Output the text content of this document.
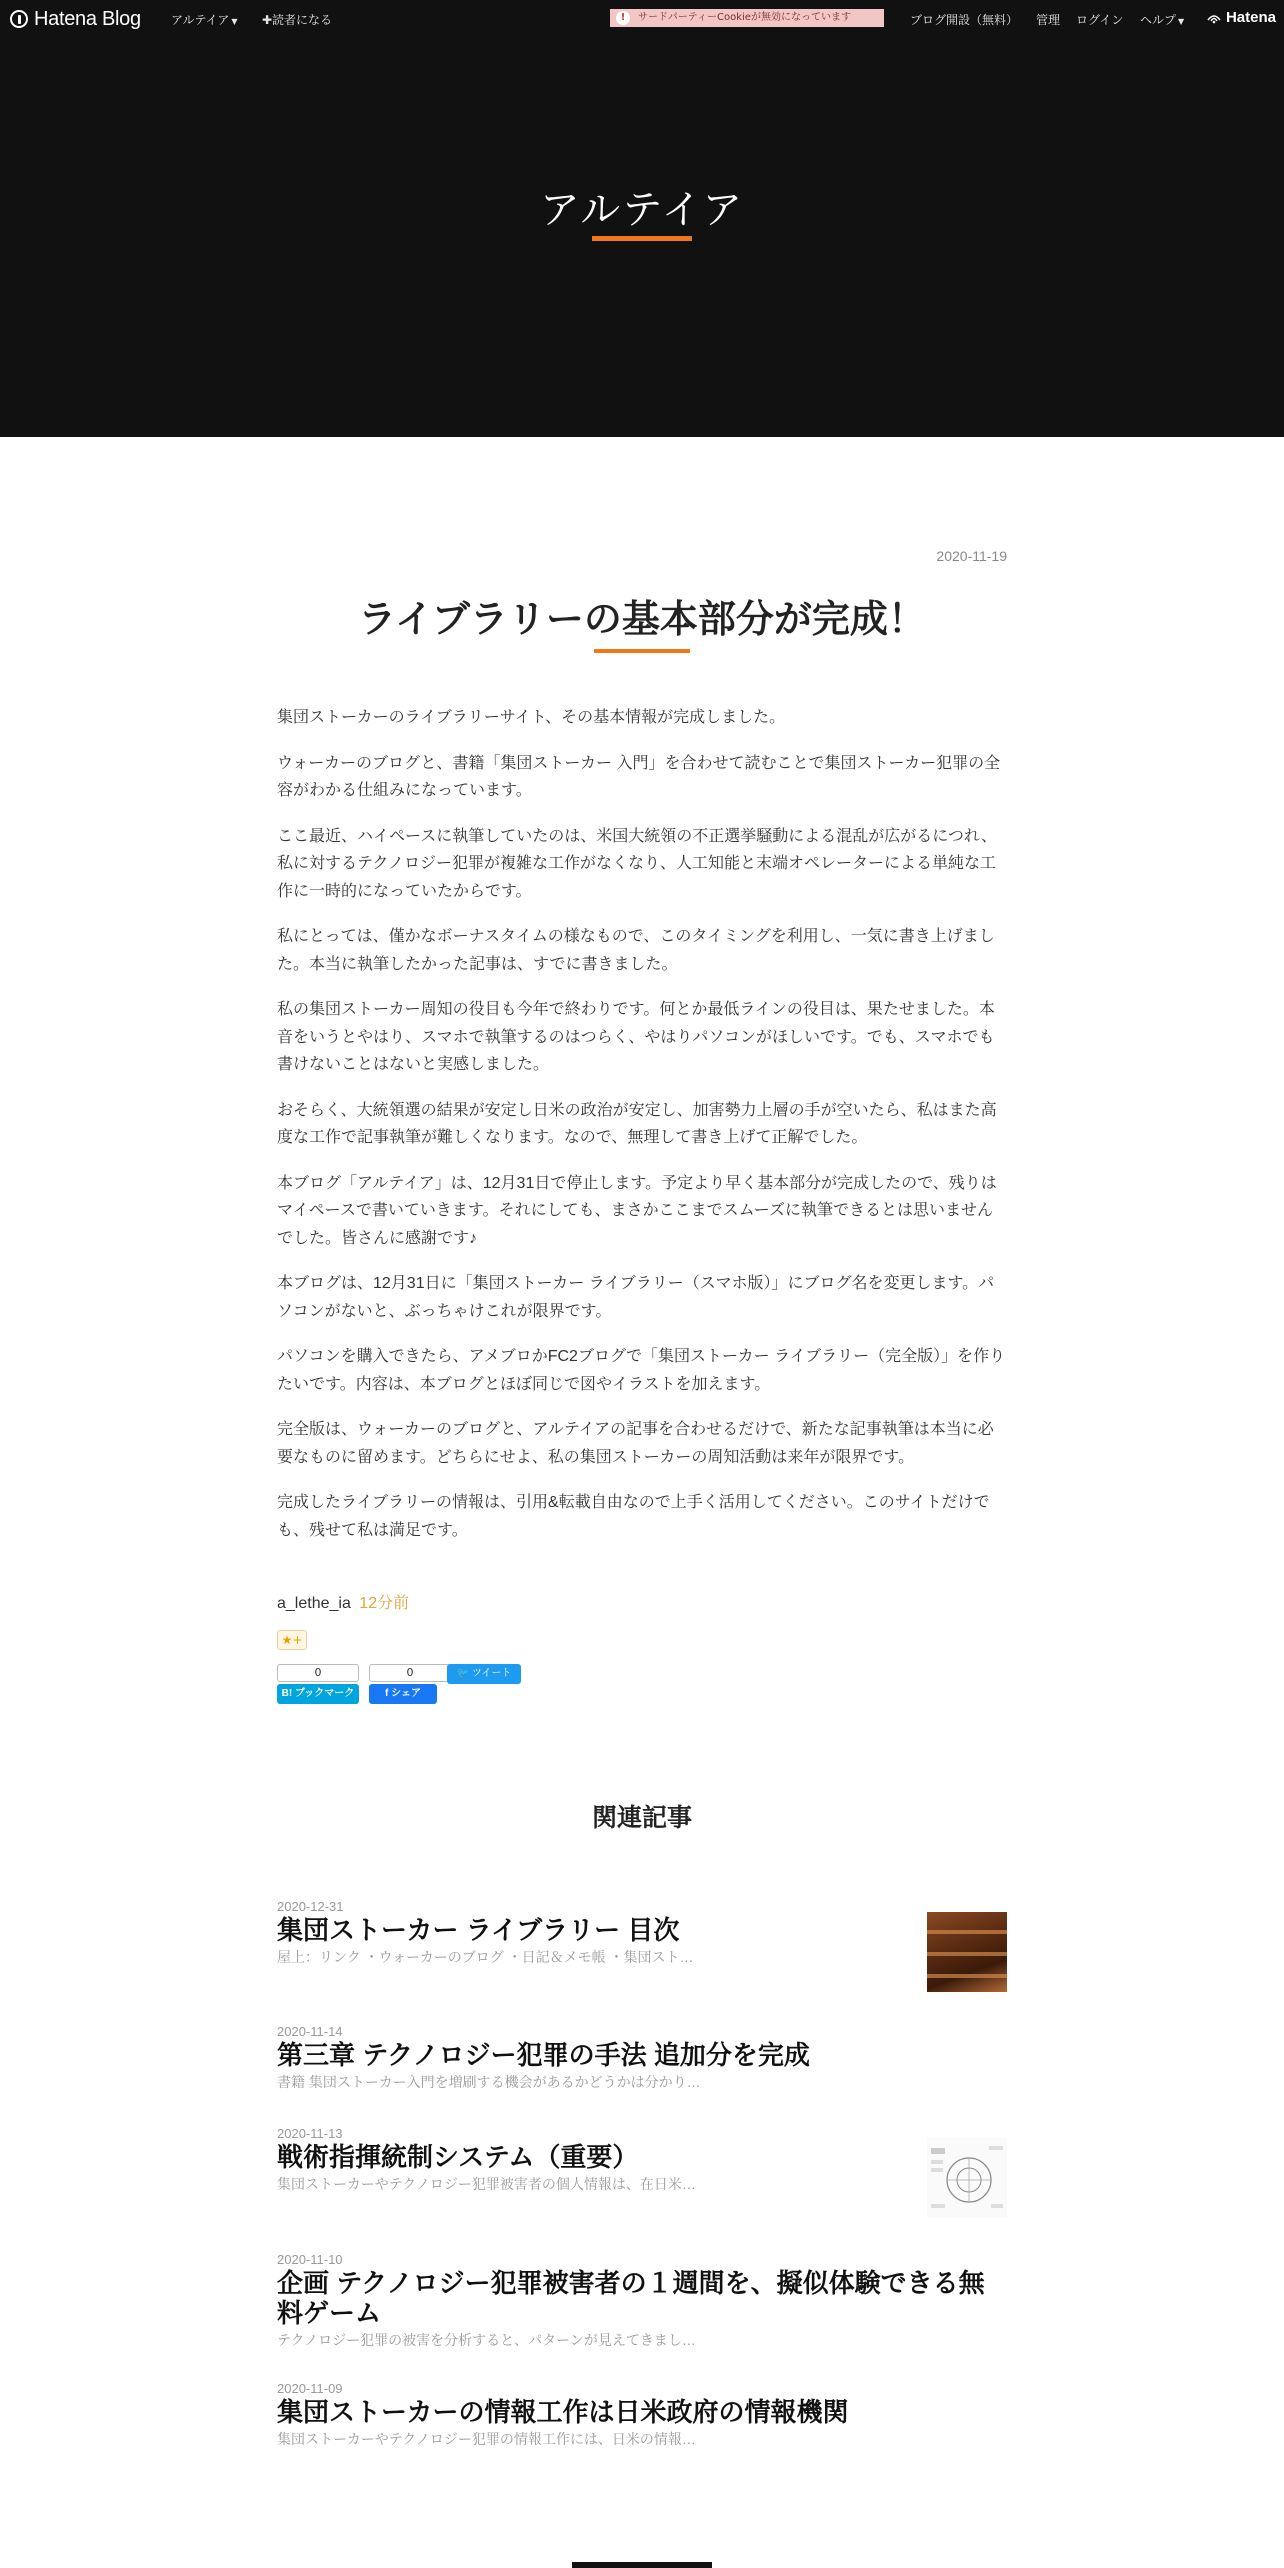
Hatena Blog	アルテイア ▼ ✚読者になる	!	サードパーティーCookieが無効になっています	ブログ開設（無料） 管理 ログイン ヘルプ ▼	Hatena
アルテイア
2020-11-19
ライブラリーの基本部分が完成！

集団ストーカーのライブラリーサイト、その基本情報が完成しました。

ウォーカーのブログと、書籍「集団ストーカー 入門」を合わせて読むことで集団ストーカー犯罪の全容がわかる仕組みになっています。

ここ最近、ハイペースに執筆していたのは、米国大統領の不正選挙騒動による混乱が広がるにつれ、私に対するテクノロジー犯罪が複雑な工作がなくなり、人工知能と末端オペレーターによる単純な工作に一時的になっていたからです。

私にとっては、僅かなボーナスタイムの様なもので、このタイミングを利用し、一気に書き上げました。本当に執筆したかった記事は、すでに書きました。

私の集団ストーカー周知の役目も今年で終わりです。何とか最低ラインの役目は、果たせました。本音をいうとやはり、スマホで執筆するのはつらく、やはりパソコンがほしいです。でも、スマホでも書けないことはないと実感しました。

おそらく、大統領選の結果が安定し日米の政治が安定し、加害勢力上層の手が空いたら、私はまた高度な工作で記事執筆が難しくなります。なので、無理して書き上げて正解でした。

本ブログ「アルテイア」は、12月31日で停止します。予定より早く基本部分が完成したので、残りはマイペースで書いていきます。それにしても、まさかここまでスムーズに執筆できるとは思いませんでした。皆さんに感謝です♪

本ブログは、12月31日に「集団ストーカー ライブラリー（スマホ版）」にブログ名を変更します。パソコンがないと、ぶっちゃけこれが限界です。

パソコンを購入できたら、アメブロかFC2ブログで「集団ストーカー ライブラリー（完全版）」を作りたいです。内容は、本ブログとほぼ同じで図やイラストを加えます。

完全版は、ウォーカーのブログと、アルテイアの記事を合わせるだけで、新たな記事執筆は本当に必要なものに留めます。どちらにせよ、私の集団ストーカーの周知活動は来年が限界です。

完成したライブラリーの情報は、引用&転載自由なので上手く活用してください。このサイトだけでも、残せて私は満足です。

a_lethe_ia 12分前
★+
0
B! ブックマーク
0
f シェア
🐦 ツイート
関連記事
2020-12-31
集団ストーカー ライブラリー 目次
屋上：リンク ・ウォーカーのブログ ・日記＆メモ帳 ・集団スト…
2020-11-14
第三章 テクノロジー犯罪の手法 追加分を完成
書籍 集団ストーカー入門を増刷する機会があるかどうかは分かり…
2020-11-13
戦術指揮統制システム（重要）
集団ストーカーやテクノロジー犯罪被害者の個人情報は、在日米…
2020-11-10
企画 テクノロジー犯罪被害者の１週間を、擬似体験できる無料ゲーム
テクノロジー犯罪の被害を分析すると、パターンが見えてきまし…
2020-11-09
集団ストーカーの情報工作は日米政府の情報機関
集団ストーカーやテクノロジー犯罪の情報工作には、日米の情報…
